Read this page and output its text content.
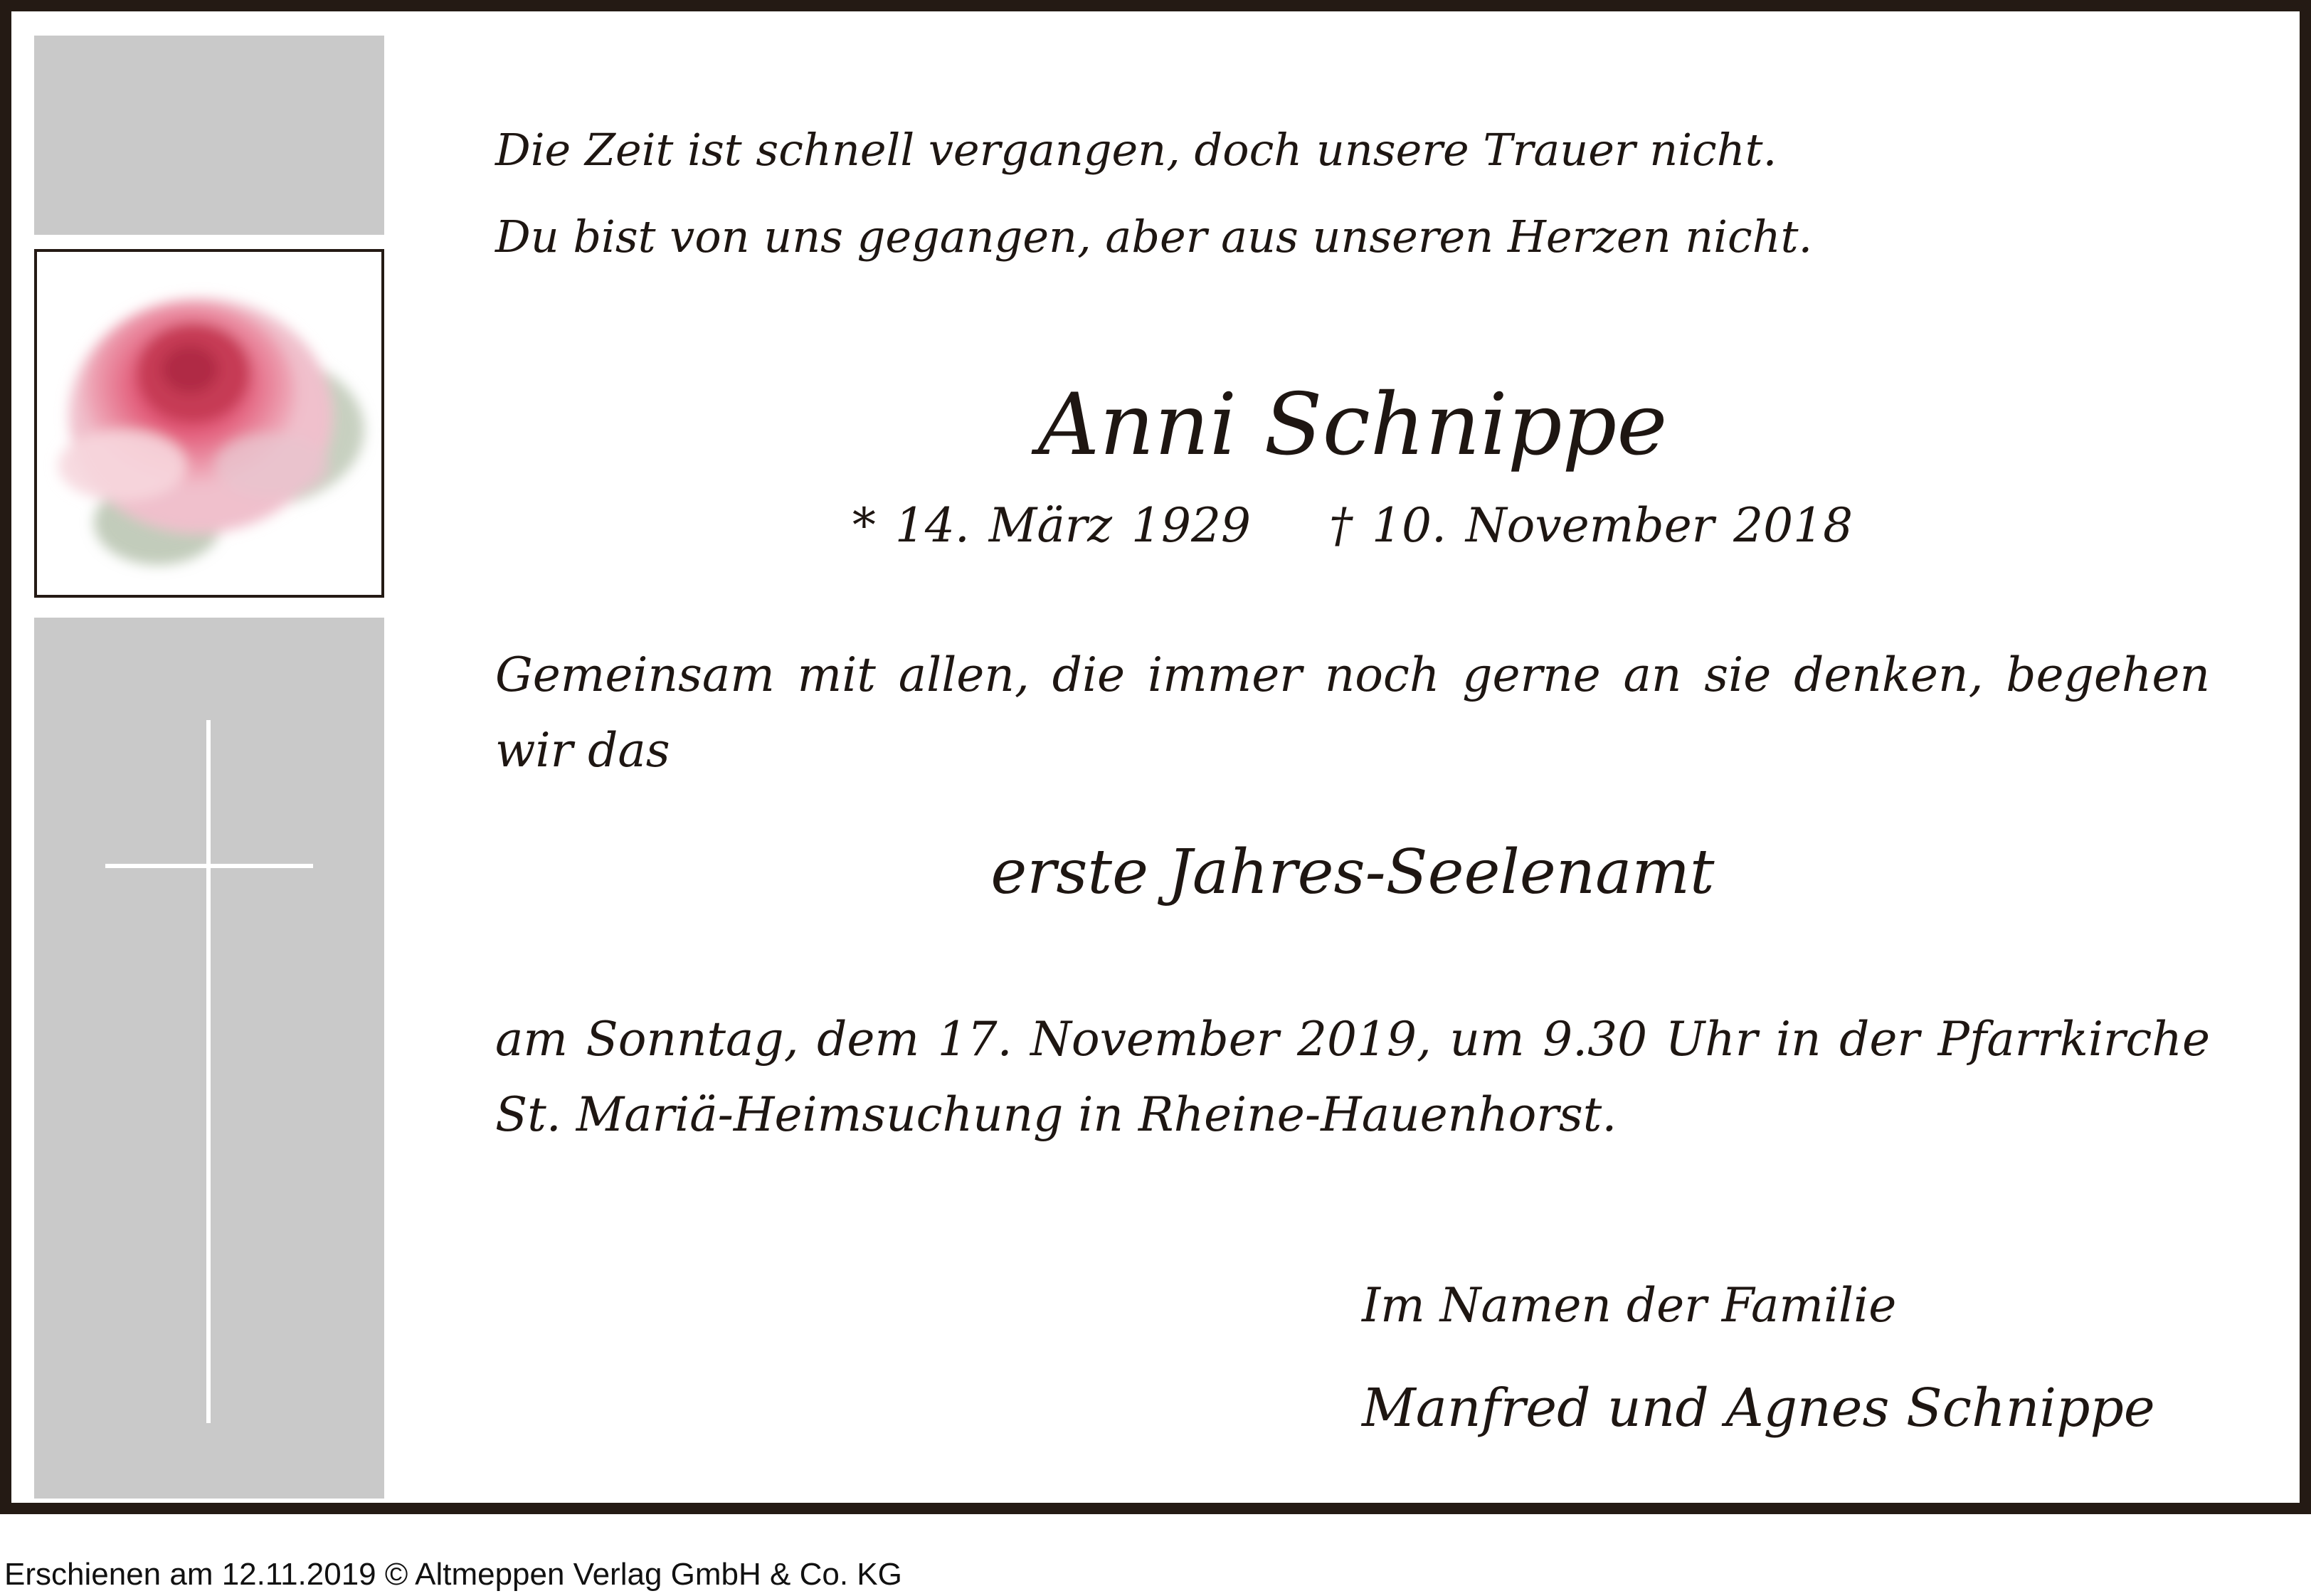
Die Zeit ist schnell vergangen, doch unsere Trauer nicht.

Du bist von uns gegangen, aber aus unseren Herzen nicht.

Anni Schnippe

* 14. März 1929 † 10. November 2018

Gemeinsam mit allen, die immer noch gerne an sie denken, begehen wir das

erste Jahres-Seelenamt

am Sonntag, dem 17. November 2019, um 9.30 Uhr in der Pfarrkirche St. Mariä-Heimsuchung in Rheine-Hauenhorst.

Im Namen der Familie

Manfred und Agnes Schnippe

Erschienen am 12.11.2019 © Altmeppen Verlag GmbH & Co. KG
